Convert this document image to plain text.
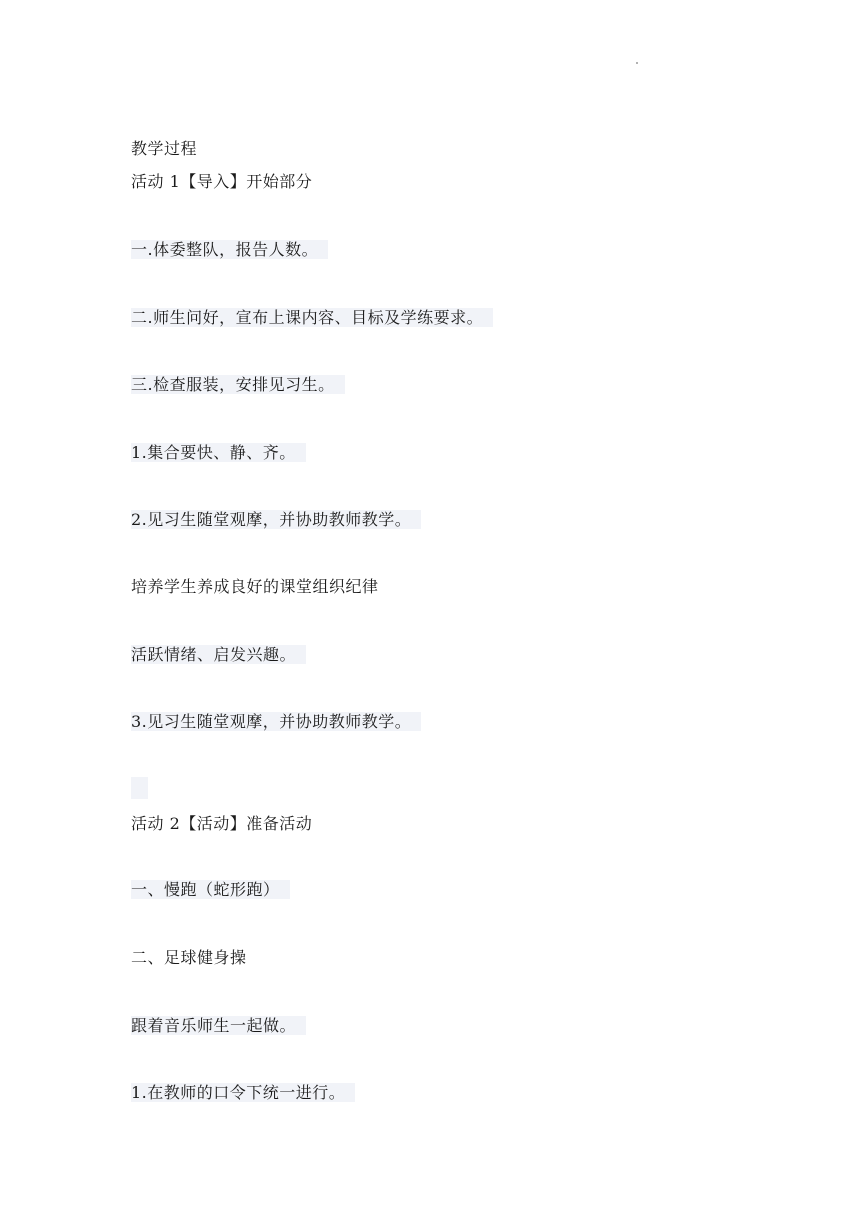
教学过程
活动 1【导入】开始部分
一.体委整队，报告人数。
二.师生问好，宣布上课内容、目标及学练要求。
三.检查服装，安排见习生。
1.集合要快、静、齐。
2.见习生随堂观摩，并协助教师教学。
培养学生养成良好的课堂组织纪律
活跃情绪、启发兴趣。
3.见习生随堂观摩，并协助教师教学。
活动 2【活动】准备活动
一、慢跑（蛇形跑）
二、足球健身操
跟着音乐师生一起做。
1.在教师的口令下统一进行。
